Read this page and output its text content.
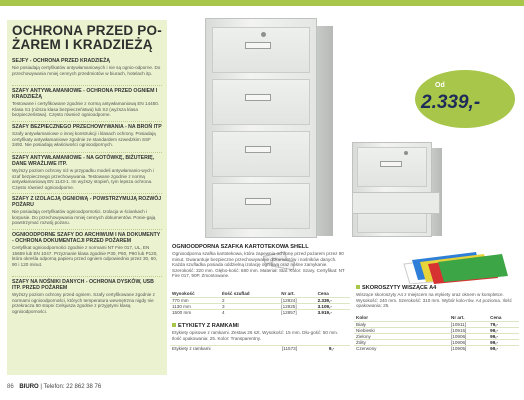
OCHRONA PRZED PO-
ŻAREM I KRADZIEŻĄ
SEJFY - OCHRONA PRZED KRADZIEŻĄ
Nie posiadają certyfikatów antywłamaniowych i nie są ognio-odporne. Do przechowywania mniej cennych przedmiotów w biurach, hotelach itp.
SZAFY ANTYWŁAMANIOWE - OCHRONA PRZED OGNIEM I KRADZIEŻĄ
Testowane i certyfikowane zgodnie z normą antywłamaniową EN 14450. Klasa S1 (niższa klasa bezpieczeństwa) lub S2 (wyższa klasa bezpieczeństwa). Często również ognioodporne.
SZAFY BEZPIECZNEGO PRZECHOWYWANIA - NA BROŃ ITP
Szafy antywłamaniowe o innej konstrukcji i klasach ochrony. Posiadają certyfikaty antywłamaniowe zgodnie ze standardem szwedzkim SSF 3492. Nie posiadają właściwości ognioodpornych.
SZAFY ANTYWŁAMANIOWE - NA GOTÓWKĘ, BIŻUTERIĘ, DANE WRAŻLIWE ITP.
Wyższy poziom ochrony niż w przypadku modeli antywłamanio-wych i szaf bezpiecznego przechowywania. Testowane zgodnie z normą antywłamaniową EN 1143-1. Im wyższy stopień, tym lepsza ochrona. Często również ognioodporne.
SZAFY Z IZOLACJĄ OGNIOWĄ - POWSTRZYMUJĄ ROZWÓJ POŻARU
Nie posiadają certyfikatów ognioodporności. Izolacja w ściankach i korpusie. Do przechowywania mniej cennych dokumentów. Ponie-gają powstrzymać rozwój pożaru.
OGNIOODPORNE SZAFY DO ARCHIWUM I NA DOKUMENTY - OCHRONA DOKUMENTACJI PRZED POŻAREM
Certyfikat ognioodporności zgodnie z normami NT Fire 017, UL, EN 15659 lub EN 1047. Przyznanie klasa zgodnie P30, P60, P90 lub P120, która określa odporną papieru przed ogniem odpowiednio przez 30, 60, 90 i 120 minut.
SZAFY NA NOŚNIKI DANYCH - OCHRONA DYSKÓW, USB ITP. PRZED POŻAREM
Wyższy poziom ochrony przed ogniem. Szafy certyfikowane zgodnie z normami ognioodporności, których temperatura wewnętrzna nigdy nie przekracza 50 stopni Celsjusza zgodnie z przyjętymi klasą ognioodporności.
Od
2.339,-
OGNIOODPORNA SZAFKA KARTOTEKOWA SHELL
Ognioodporna szafka kartotekowa, która zapewnia ochronę przed pożarem przez 90 minut. Gwarantuje bezpieczne przechowywanie dokumentów i nośników danych. Każda szufladka posiada oddzielną izolację ogniową oraz nośne zamykanie. Szerokość: 320 mm. Głębo-kość: 680 mm. Materiał: Stal. Kolor: Szary. Certyfikat: NT Fire 017, 90P. Zmontowane.
Wysokość	Ilość szuflad	Nr art.	Cena
770 mm	2	[12824]	2.339,-
1130 mm	3	[12825]	3.109,-
1500 mm	4	[12857]	3.919,-
ETYKIETY Z RAMKAMI
Etykiety opisowe z ramkami. Zestaw 26 szt. Wysokość: 15 mm. Dłu-gość: 50 mm. Ilość opakowania: 25. Kolor: Transparentny.
Etykiety z ramkami	[11573]	9,-
SKOROSZYTY WISZĄCE A4
Wiszące skoroszyty A4 z miejscem na etykiety oraz oknem w kompletce. Wysokość: 240 mm. Szerokość: 310 mm. Wybór kolo-rów. A4 pozioma. Ilość opakowania: 25.
Kolor	Nr art.	Cena
Biały	[10911]	79,-
Niebieski	[10915]	99,-
Zielony	[10906]	99,-
Żółty	[10906]	99,-
Czerwony	[10905]	99,-
86 BIURO | Telefon: 22 862 38 76
